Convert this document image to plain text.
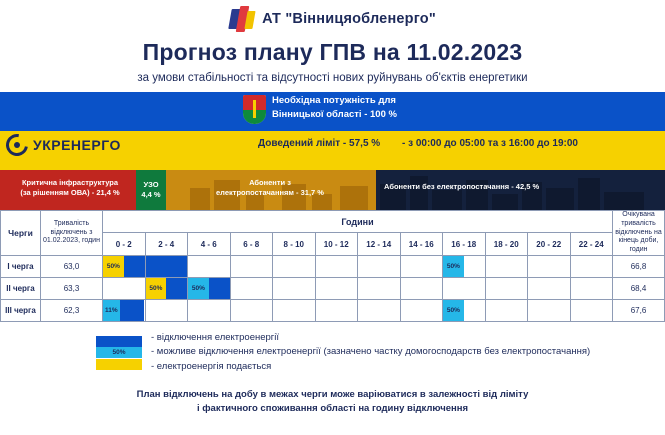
АТ "Вінницяобленерго"
Прогноз плану ГПВ на 11.02.2023
за умови стабільності та відсутності нових руйнувань об'єктів енергетики
Необхідна потужність для
Вінницької області - 100 %
УКРЕНЕРГО	Доведений ліміт - 57,5 % - з 00:00 до 05:00 та з 16:00 до 19:00
Критична інфраструктура
(за рішенням ОВА) - 21,4 %
УЗО
4,4 %
Абоненти з
електропостачанням - 31,7 %
Абоненти без електропостачання - 42,5 %
Черги	Тривалість відключень з 01.02.2023, годин	Години												Очікувана тривалість відключень на кінець доби, годин
		0 - 2	2 - 4	4 - 6	6 - 8	8 - 10	10 - 12	12 - 14	14 - 16	16 - 18	18 - 20	20 - 22	22 - 24	
І черга	63,0	50%								50%				66,8
ІІ черга	63,3		50%	50%										68,4
ІІІ черга	62,3	11%								50%				67,6
50%
- відключення електроенергії
- можливе відключення електроенергії (зазначено частку домогосподарств без електропостачання)
- електроенергія подається
План відключень на добу в межах черги може варіюватися в залежності від ліміту
і фактичного споживання області на годину відключення
